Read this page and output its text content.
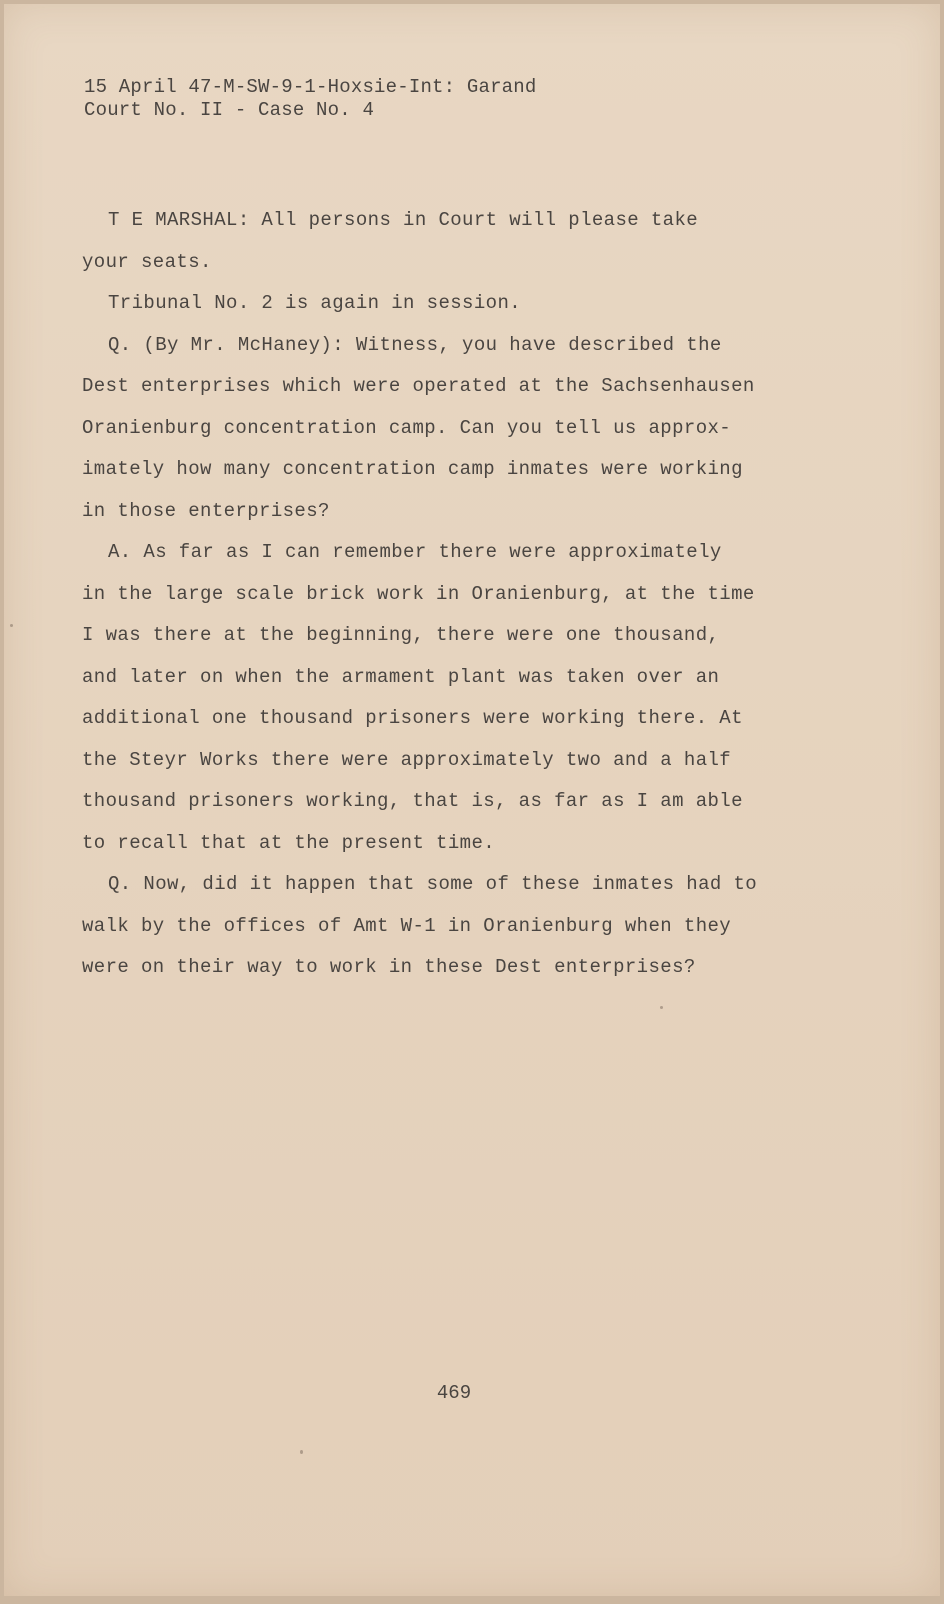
15 April 47-M-SW-9-1-Hoxsie-Int: Garand
Court No. II - Case No. 4
T E MARSHAL: All persons in Court will please take
your seats.
Tribunal No. 2 is again in session.
Q. (By Mr. McHaney): Witness, you have described the
Dest enterprises which were operated at the Sachsenhausen
Oranienburg concentration camp. Can you tell us approx-
imately how many concentration camp inmates were working
in those enterprises?
A. As far as I can remember there were approximately
in the large scale brick work in Oranienburg, at the time
I was there at the beginning, there were one thousand,
and later on when the armament plant was taken over an
additional one thousand prisoners were working there. At
the Steyr Works there were approximately two and a half
thousand prisoners working, that is, as far as I am able
to recall that at the present time.
Q. Now, did it happen that some of these inmates had to
walk by the offices of Amt W-1 in Oranienburg when they
were on their way to work in these Dest enterprises?
469
